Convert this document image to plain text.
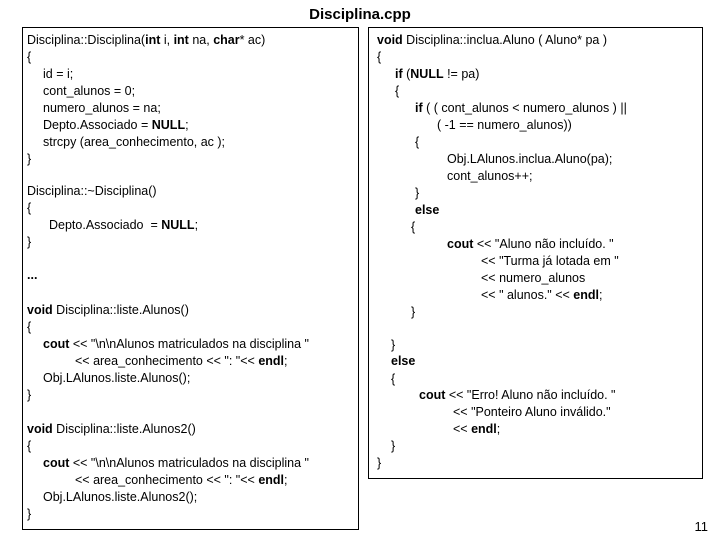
Disciplina.cpp
Disciplina::Disciplina(int i, int na, char* ac)
{
id = i;
cont_alunos = 0;
numero_alunos = na;
Depto.Associado = NULL;
strcpy (area_conhecimento, ac );
}
Disciplina::~Disciplina()
{
Depto.Associado  = NULL;
}
...
void Disciplina::liste.Alunos()
{
cout << "\n\nAlunos matriculados na disciplina "
<< area_conhecimento << ": "<< endl;
Obj.LAlunos.liste.Alunos();
}
void Disciplina::liste.Alunos2()
{
cout << "\n\nAlunos matriculados na disciplina "
<< area_conhecimento << ": "<< endl;
Obj.LAlunos.liste.Alunos2();
}
void Disciplina::inclua.Aluno ( Aluno* pa )
{
if (NULL != pa)
{
if ( ( cont_alunos < numero_alunos ) ||
( -1 == numero_alunos))
{
Obj.LAlunos.inclua.Aluno(pa);
cont_alunos++;
}
else
{
cout << "Aluno não incluído. "
<< "Turma já lotada em "
<< numero_alunos
<< " alunos." << endl;
}
}
else
{
cout << "Erro! Aluno não incluído. "
<< "Ponteiro Aluno inválido."
<< endl;
}
}
11
